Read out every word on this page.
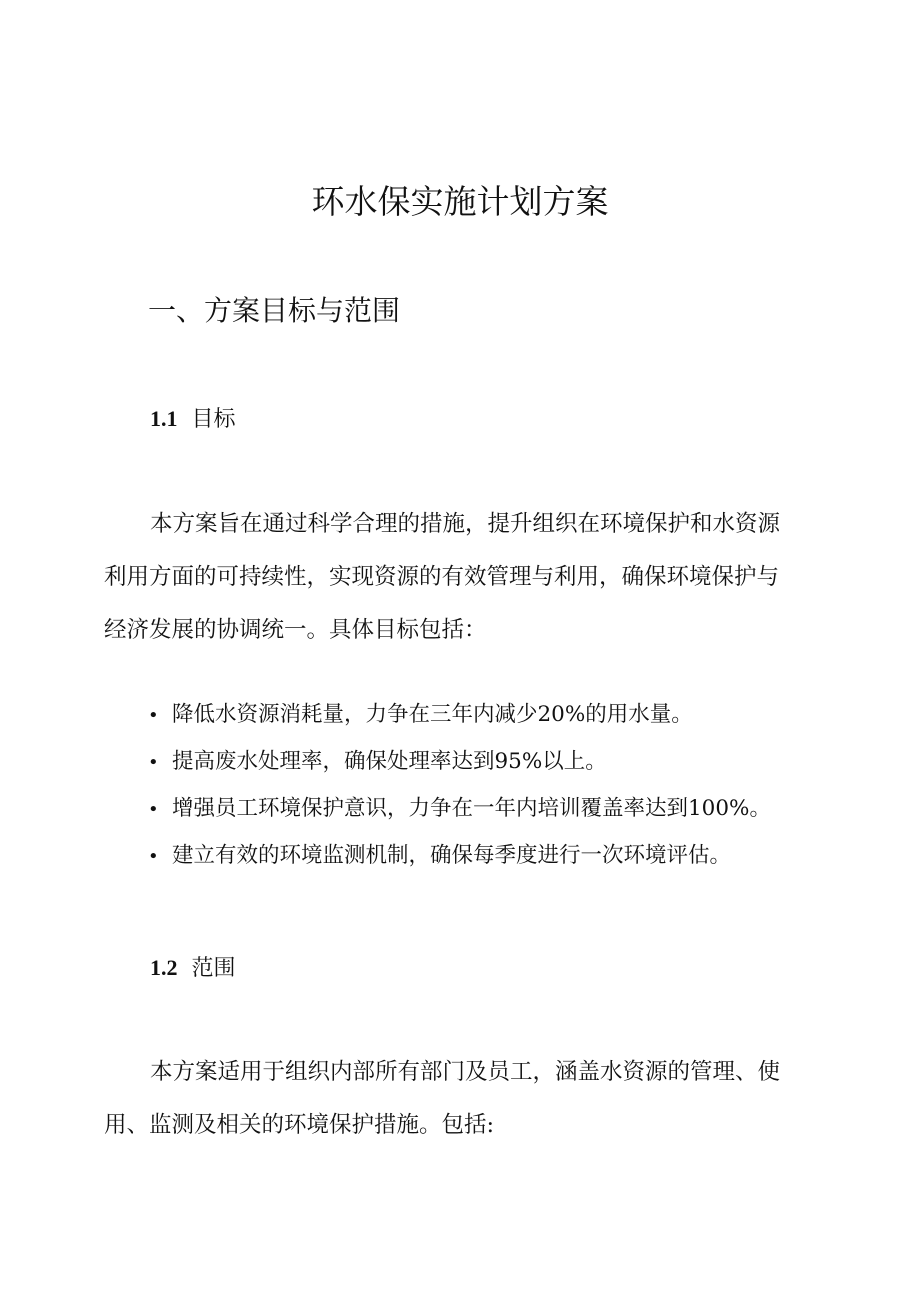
环水保实施计划方案
一、方案目标与范围
1.1 目标

本方案旨在通过科学合理的措施，提升组织在环境保护和水资源
利用方面的可持续性，实现资源的有效管理与利用，确保环境保护与
经济发展的协调统一。具体目标包括：

• 降低水资源消耗量，力争在三年内减少20%的用水量。
• 提高废水处理率，确保处理率达到95%以上。
• 增强员工环境保护意识，力争在一年内培训覆盖率达到100%。
• 建立有效的环境监测机制，确保每季度进行一次环境评估。
1.2 范围

本方案适用于组织内部所有部门及员工，涵盖水资源的管理、使
用、监测及相关的环境保护措施。包括:
